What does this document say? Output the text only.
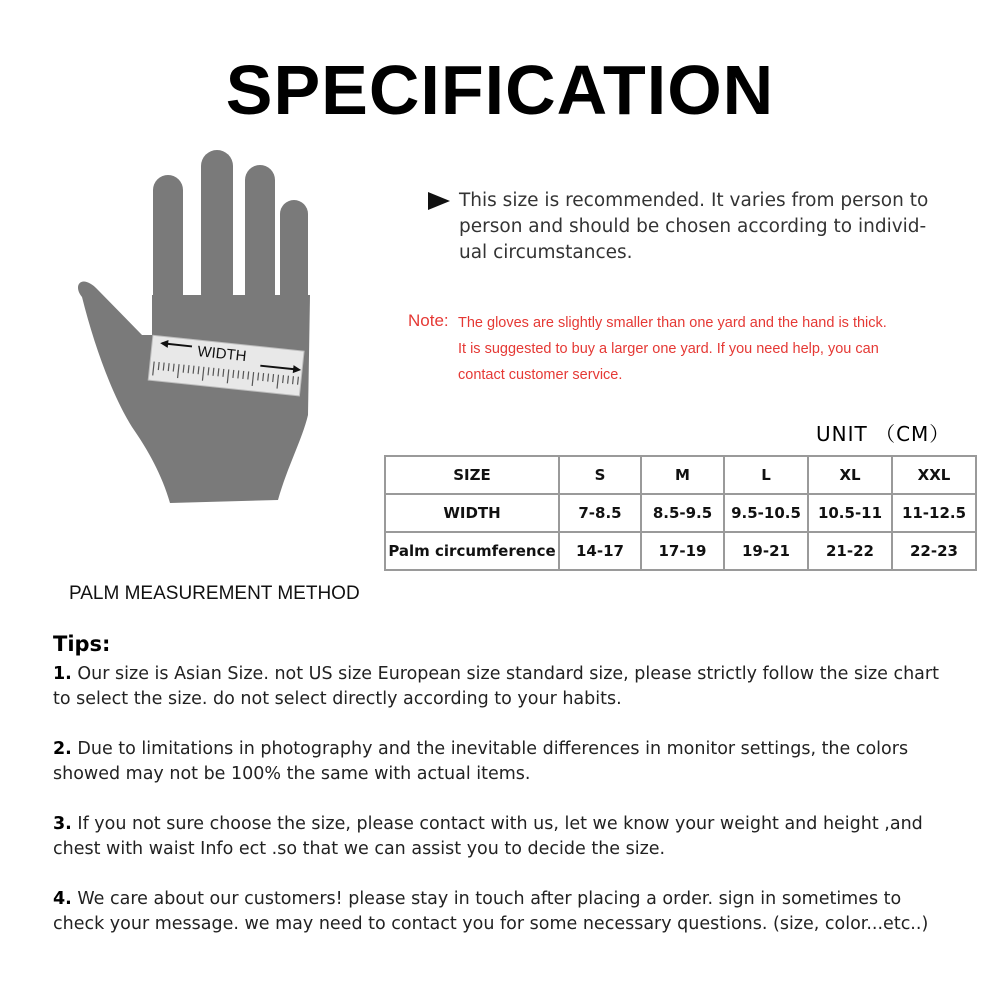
SPECIFICATION
WIDTH
PALM MEASUREMENT METHOD
This size is recommended. It varies from person to
person and should be chosen according to individ-
ual circumstances.
Note: The gloves are slightly smaller than one yard and the hand is thick.
It is suggested to buy a larger one yard. If you need help, you can
contact customer service.
UNIT （CM）
SIZE	S	M	L	XL	XXL
WIDTH	7-8.5	8.5-9.5	9.5-10.5	10.5-11	11-12.5
Palm circumference	14-17	17-19	19-21	21-22	22-23
Tips:

1. Our size is Asian Size. not US size European size standard size, please strictly follow the size chart to select the size. do not select directly according to your habits.

2. Due to limitations in photography and the inevitable differences in monitor settings, the colors showed may not be 100% the same with actual items.

3. If you not sure choose the size, please contact with us, let we know your weight and height ,and chest with waist Info ect .so that we can assist you to decide the size.

4. We care about our customers! please stay in touch after placing a order. sign in sometimes to check your message. we may need to contact you for some necessary questions. (size, color...etc..)
